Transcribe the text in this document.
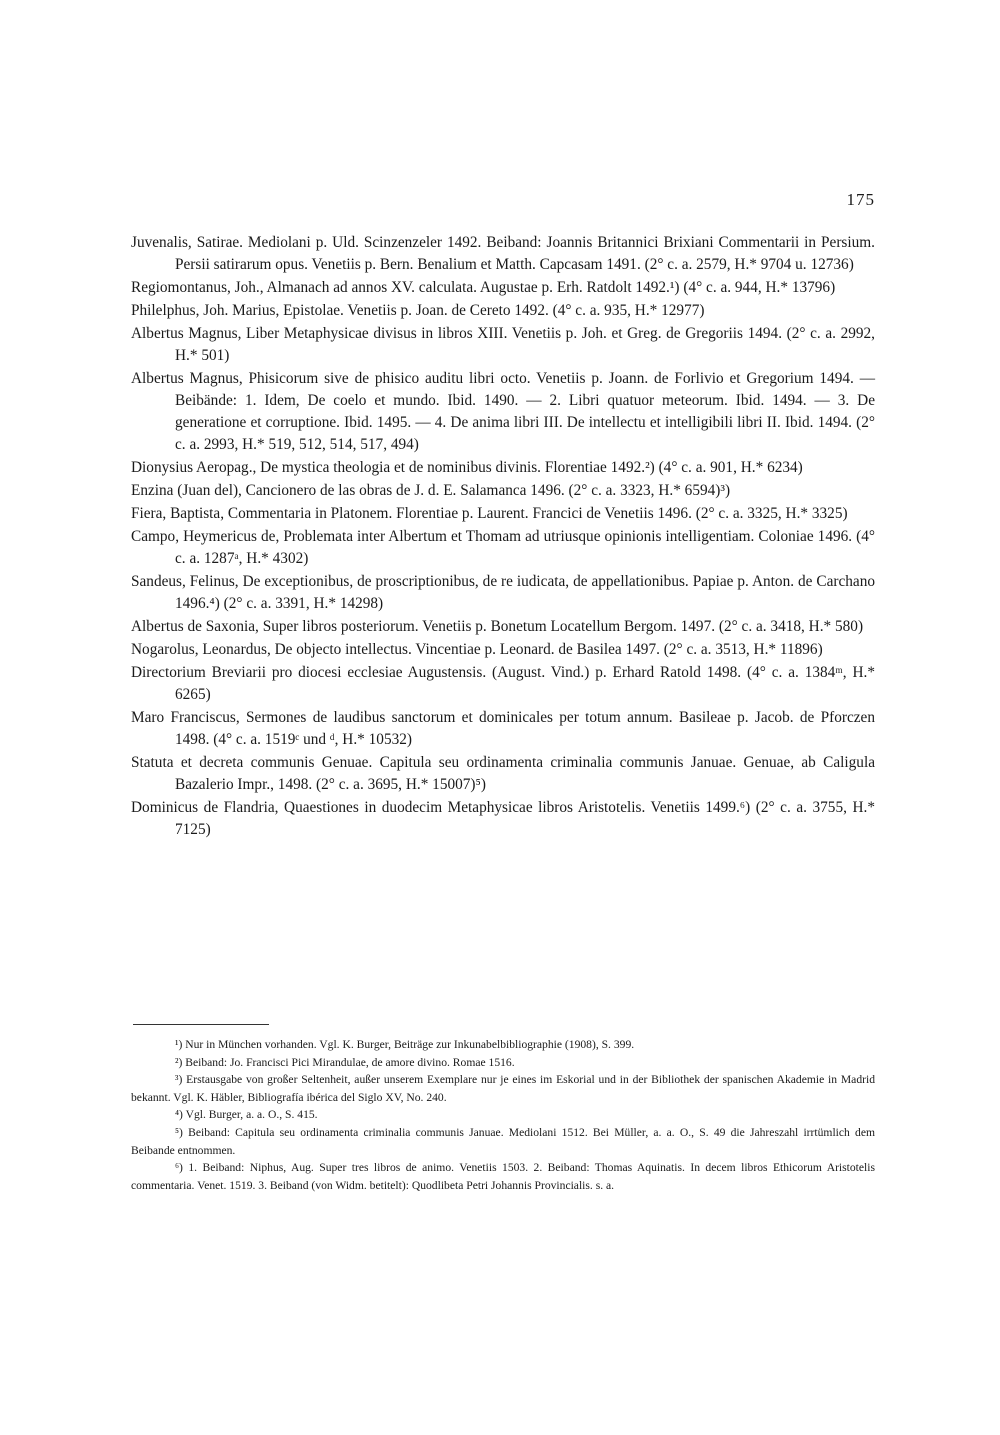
175

Juvenalis, Satirae. Mediolani p. Uld. Scinzenzeler 1492. Beiband: Joannis Britannici Brixiani Commentarii in Persium. Persii satirarum opus. Venetiis p. Bern. Benalium et Matth. Capcasam 1491. (2° c. a. 2579, H.* 9704 u. 12736)

Regiomontanus, Joh., Almanach ad annos XV. calculata. Augustae p. Erh. Ratdolt 1492.¹) (4° c. a. 944, H.* 13796)

Philelphus, Joh. Marius, Epistolae. Venetiis p. Joan. de Cereto 1492. (4° c. a. 935, H.* 12977)

Albertus Magnus, Liber Metaphysicae divisus in libros XIII. Venetiis p. Joh. et Greg. de Gregoriis 1494. (2° c. a. 2992, H.* 501)

Albertus Magnus, Phisicorum sive de phisico auditu libri octo. Venetiis p. Joann. de Forlivio et Gregorium 1494. — Beibände: 1. Idem, De coelo et mundo. Ibid. 1490. — 2. Libri quatuor meteorum. Ibid. 1494. — 3. De generatione et corruptione. Ibid. 1495. — 4. De anima libri III. De intellectu et intelligibili libri II. Ibid. 1494. (2° c. a. 2993, H.* 519, 512, 514, 517, 494)

Dionysius Aeropag., De mystica theologia et de nominibus divinis. Florentiae 1492.²) (4° c. a. 901, H.* 6234)

Enzina (Juan del), Cancionero de las obras de J. d. E. Salamanca 1496. (2° c. a. 3323, H.* 6594)³)

Fiera, Baptista, Commentaria in Platonem. Florentiae p. Laurent. Francici de Venetiis 1496. (2° c. a. 3325, H.* 3325)

Campo, Heymericus de, Problemata inter Albertum et Thomam ad utriusque opinionis intelligentiam. Coloniae 1496. (4° c. a. 1287ᵃ, H.* 4302)

Sandeus, Felinus, De exceptionibus, de proscriptionibus, de re iudicata, de appellationibus. Papiae p. Anton. de Carchano 1496.⁴) (2° c. a. 3391, H.* 14298)

Albertus de Saxonia, Super libros posteriorum. Venetiis p. Bonetum Locatellum Bergom. 1497. (2° c. a. 3418, H.* 580)

Nogarolus, Leonardus, De objecto intellectus. Vincentiae p. Leonard. de Basilea 1497. (2° c. a. 3513, H.* 11896)

Directorium Breviarii pro diocesi ecclesiae Augustensis. (August. Vind.) p. Erhard Ratold 1498. (4° c. a. 1384ᵐ, H.* 6265)

Maro Franciscus, Sermones de laudibus sanctorum et dominicales per totum annum. Basileae p. Jacob. de Pforczen 1498. (4° c. a. 1519ᶜ und ᵈ, H.* 10532)

Statuta et decreta communis Genuae. Capitula seu ordinamenta criminalia communis Januae. Genuae, ab Caligula Bazalerio Impr., 1498. (2° c. a. 3695, H.* 15007)⁵)

Dominicus de Flandria, Quaestiones in duodecim Metaphysicae libros Aristotelis. Venetiis 1499.⁶) (2° c. a. 3755, H.* 7125)

¹) Nur in München vorhanden. Vgl. K. Burger, Beiträge zur Inkunabelbibliographie (1908), S. 399.

²) Beiband: Jo. Francisci Pici Mirandulae, de amore divino. Romae 1516.

³) Erstausgabe von großer Seltenheit, außer unserem Exemplare nur je eines im Eskorial und in der Bibliothek der spanischen Akademie in Madrid bekannt. Vgl. K. Häbler, Bibliografía ibérica del Siglo XV, No. 240.

⁴) Vgl. Burger, a. a. O., S. 415.

⁵) Beiband: Capitula seu ordinamenta criminalia communis Januae. Mediolani 1512. Bei Müller, a. a. O., S. 49 die Jahreszahl irrtümlich dem Beibande entnommen.

⁶) 1. Beiband: Niphus, Aug. Super tres libros de animo. Venetiis 1503. 2. Beiband: Thomas Aquinatis. In decem libros Ethicorum Aristotelis commentaria. Venet. 1519. 3. Beiband (von Widm. betitelt): Quodlibeta Petri Johannis Provincialis. s. a.
